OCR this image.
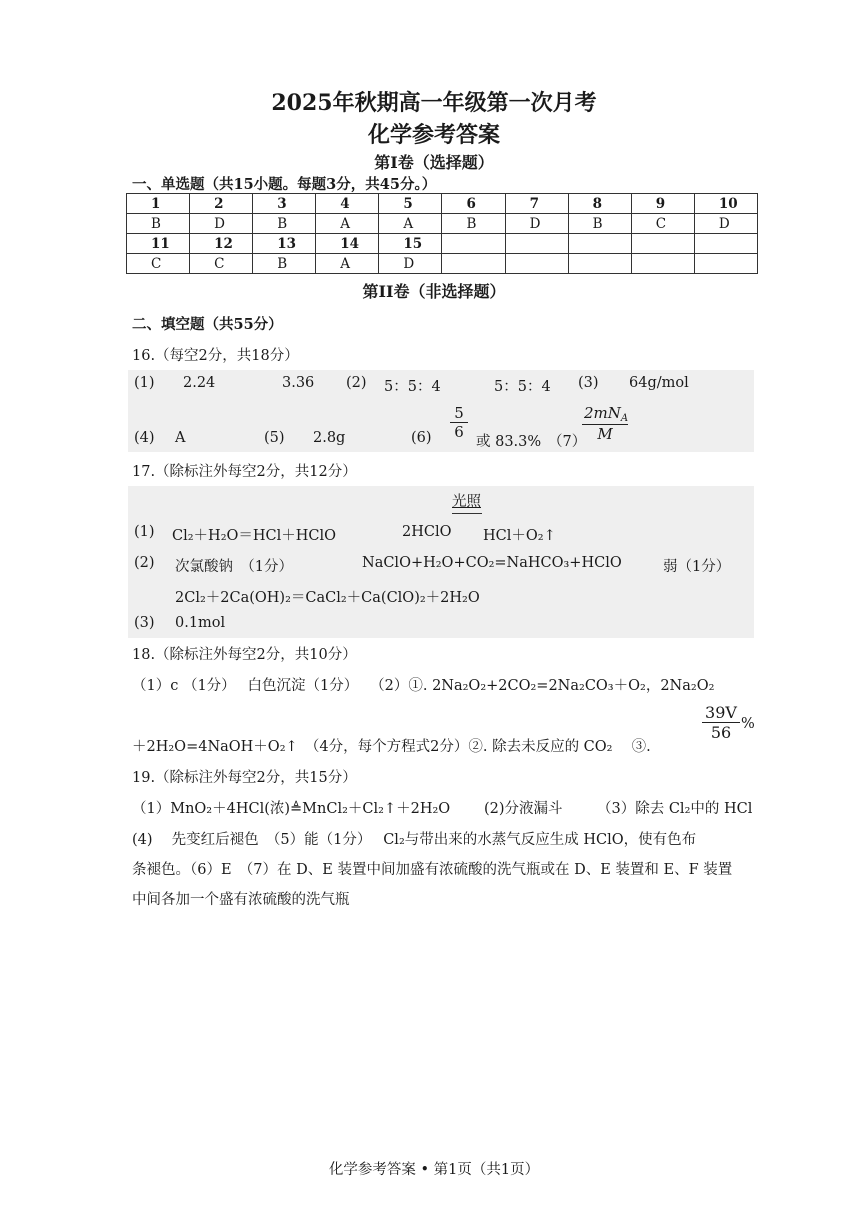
2025年秋期高一年级第一次月考
化学参考答案
第Ⅰ卷（选择题）
一、单选题（共15小题。每题3分，共45分。）
1	2	3	4	5	6	7	8	9	10
B	D	B	A	A	B	D	B	C	D
11	12	13	14	15					
C	C	B	A	D					
第II卷（非选择题）
二、填空题（共55分）
16.（每空2分，共18分）
(1) 2.24	3.36 (2) 5：5：4	5：5：4 (3) 64g/mol
(4) A	(5) 2.8g	$(6) \frac{5}{6}$
或 83.3% （7）
$2mN_A$
M
17.（除标注外每空2分，共12分）
光照
(1) Cl₂＋H₂O＝HCl＋HClO	2HClO HCl＋O₂↑
(2) 次氯酸钠　（1分）	NaClO+H₂O+CO₂=NaHCO₃+HClO	弱（1分）
2Cl₂＋2Ca(OH)₂＝CaCl₂＋Ca(ClO)₂＋2H₂O
(3) 0.1mol
18.（除标注外每空2分，共10分）
（1）c （1分）　 白色沉淀（1分）　 （2）①. 2Na₂O₂+2CO₂=2Na₂CO₃＋O₂，2Na₂O₂
＋2H₂O=4NaOH＋O₂↑　（4分，每个方程式2分）②. 除去未反应的 CO₂　 ③.
$\frac{39V}{56}$ %
19.（除标注外每空2分，共15分）
（1）MnO₂＋4HCl(浓)≜MnCl₂＋Cl₂↑＋2H₂O (2)分液漏斗 （3）除去 Cl₂中的 HCl
(4)　 先变红后褪色　（5）能（1分）　 Cl₂与带出来的水蒸气反应生成 HClO，使有色布
条褪色。（6）E　（7）在 D、E 装置中间加盛有浓硫酸的洗气瓶或在 D、E 装置和 E、F 装置
中间各加一个盛有浓硫酸的洗气瓶
化学参考答案 • 第1页（共1页）
